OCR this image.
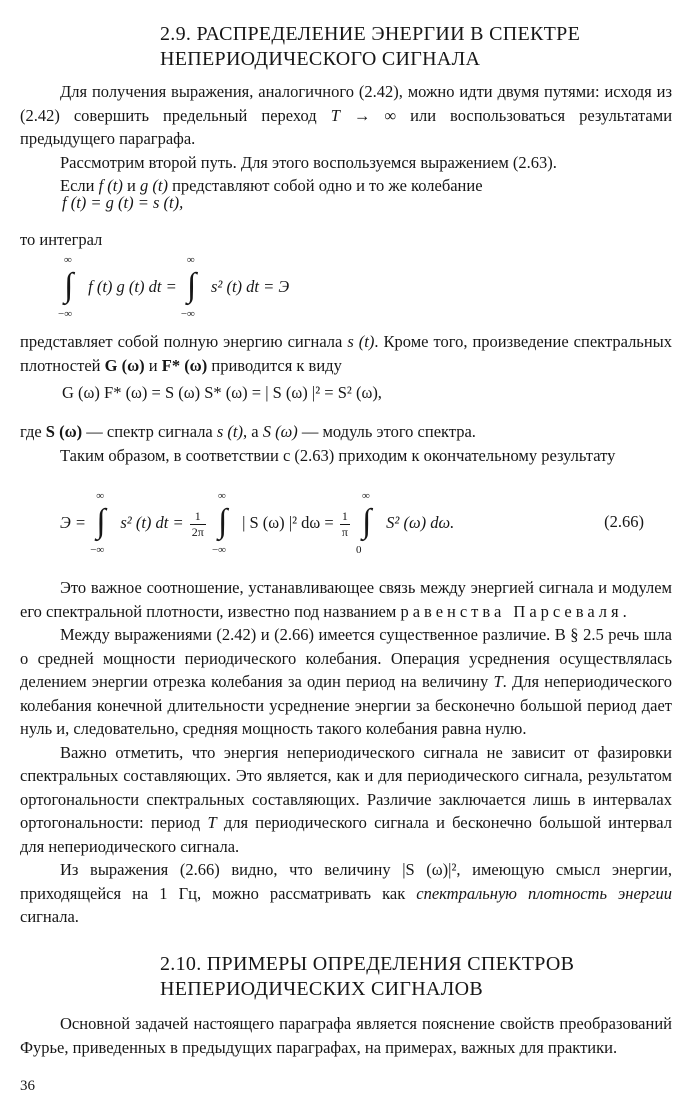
2.9. РАСПРЕДЕЛЕНИЕ ЭНЕРГИИ В СПЕКТРЕ
НЕПЕРИОДИЧЕСКОГО СИГНАЛА

Для получения выражения, аналогичного (2.42), можно идти двумя путями: исходя из (2.42) совершить предельный переход T → ∞ или воспользоваться результатами предыдущего параграфа.

Рассмотрим второй путь. Для этого воспользуемся выражением (2.63).

Если f (t) и g (t) представляют собой одно и то же колебание

f (t) = g (t) = s (t),
то интеграл
∞
∫
−∞
f (t) g (t) dt =
∞
∫
−∞
s² (t) dt = Э
представляет собой полную энергию сигнала s (t). Кроме того, произведение спектральных плотностей G (ω) и F* (ω) приводится к виду
G (ω) F* (ω) = S (ω) S* (ω) = | S (ω) |² = S² (ω),

где S (ω) — спектр сигнала s (t), а S (ω) — модуль этого спектра.

Таким образом, в соответствии с (2.63) приходим к окончательному результату

Э =
∞
∫
−∞
s² (t) dt = $\frac{1}{2\pi}$

∞
∫
−∞
| S (ω) |² $d\omega = \frac{1}{\pi}$

∞
∫
0
S² (ω) dω.	(2.66)

Это важное соотношение, устанавливающее связь между энергией сигнала и модулем его спектральной плотности, известно под названием равенства Парсеваля.

Между выражениями (2.42) и (2.66) имеется существенное различие. В § 2.5 речь шла о средней мощности периодического колебания. Операция усреднения осуществлялась делением энергии отрезка колебания за один период на величину T. Для непериодического колебания конечной длительности усреднение энергии за бесконечно большой период дает нуль и, следовательно, средняя мощность такого колебания равна нулю.

Важно отметить, что энергия непериодического сигнала не зависит от фазировки спектральных составляющих. Это является, как и для периодического сигнала, результатом ортогональности спектральных составляющих. Различие заключается лишь в интервалах ортогональности: период T для периодического сигнала и бесконечно большой интервал для непериодического сигнала.

Из выражения (2.66) видно, что величину |S (ω)|², имеющую смысл энергии, приходящейся на 1 Гц, можно рассматривать как спектральную плотность энергии сигнала.

2.10. ПРИМЕРЫ ОПРЕДЕЛЕНИЯ СПЕКТРОВ
НЕПЕРИОДИЧЕСКИХ СИГНАЛОВ

Основной задачей настоящего параграфа является пояснение свойств преобразований Фурье, приведенных в предыдущих параграфах, на примерах, важных для практики.

36
